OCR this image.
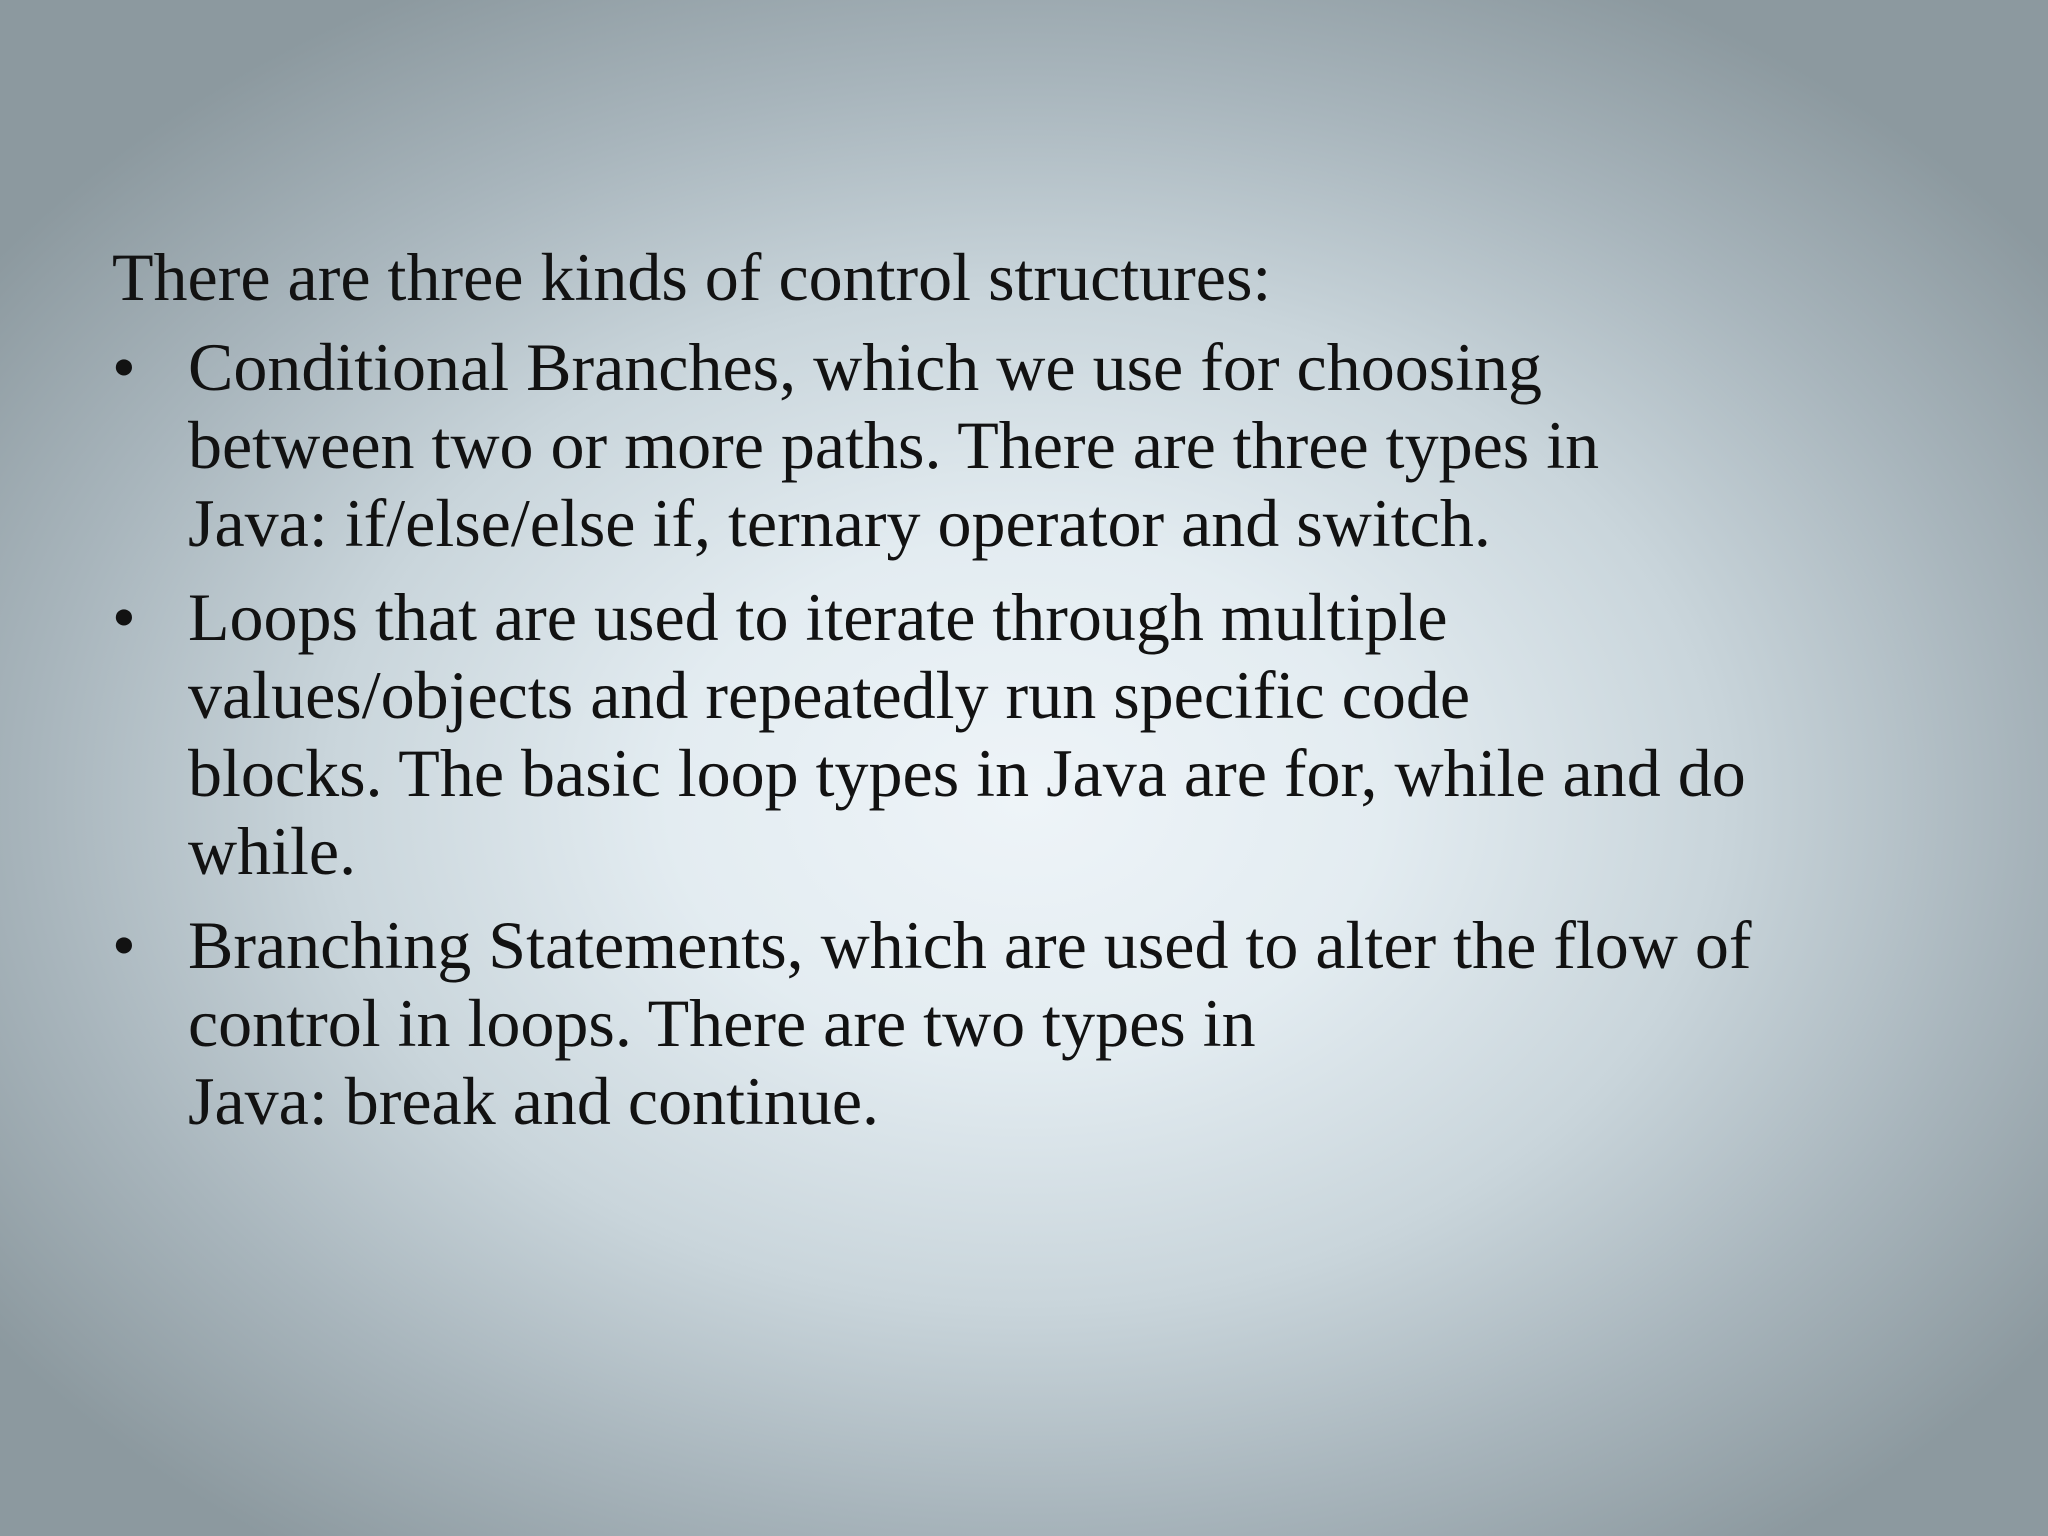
There are three kinds of control structures:

• Conditional Branches, which we use for choosing
between two or more paths. There are three types in
Java: if/else/else if, ternary operator and switch.
• Loops that are used to iterate through multiple
values/objects and repeatedly run specific code
blocks. The basic loop types in Java are for, while and do
while.
• Branching Statements, which are used to alter the flow of
control in loops. There are two types in
Java: break and continue.
